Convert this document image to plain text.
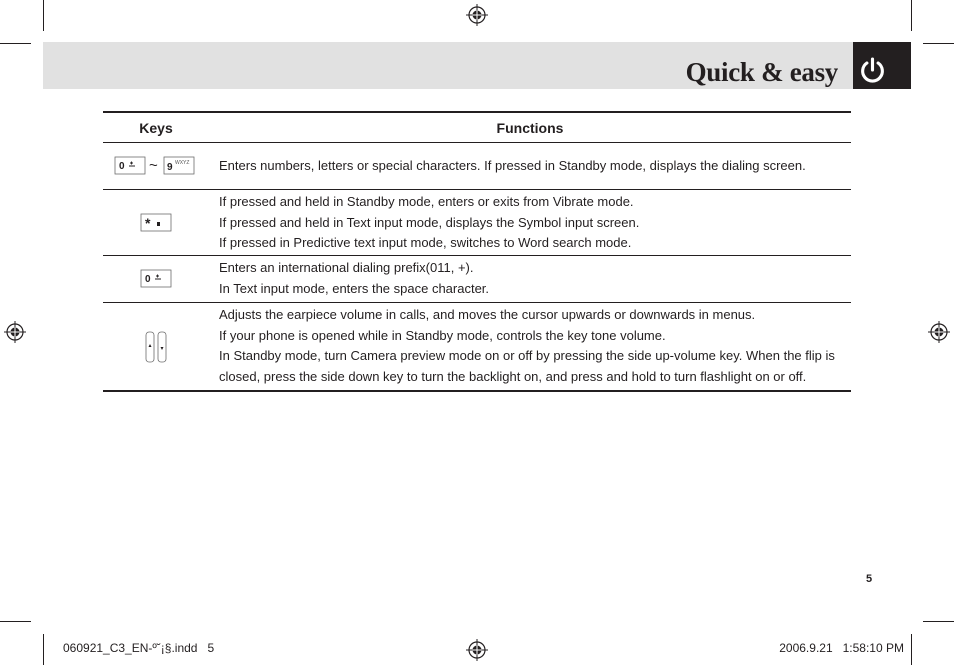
Quick & easy
Keys	Functions
0 ~ 9 WXYZ Enters numbers, letters or special characters. If pressed in Standby mode, displays the dialing screen.

*

If pressed and held in Standby mode, enters or exits from Vibrate mode.

If pressed and held in Text input mode, displays the Symbol input screen.

If pressed in Predictive text input mode, switches to Word search mode.

0

Enters an international dialing prefix(011, +).

In Text input mode, enters the space character.

Adjusts the earpiece volume in calls, and moves the cursor upwards or downwards in menus.

If your phone is opened while in Standby mode, controls the key tone volume.

In Standby mode, turn Camera preview mode on or off by pressing the side up-volume key. When the flip is closed, press the side down key to turn the backlight on, and press and hold to turn flashlight on or off.

5
060921_C3_EN-º˘¡§.indd   5	2006.9.21   1:58:10 PM
